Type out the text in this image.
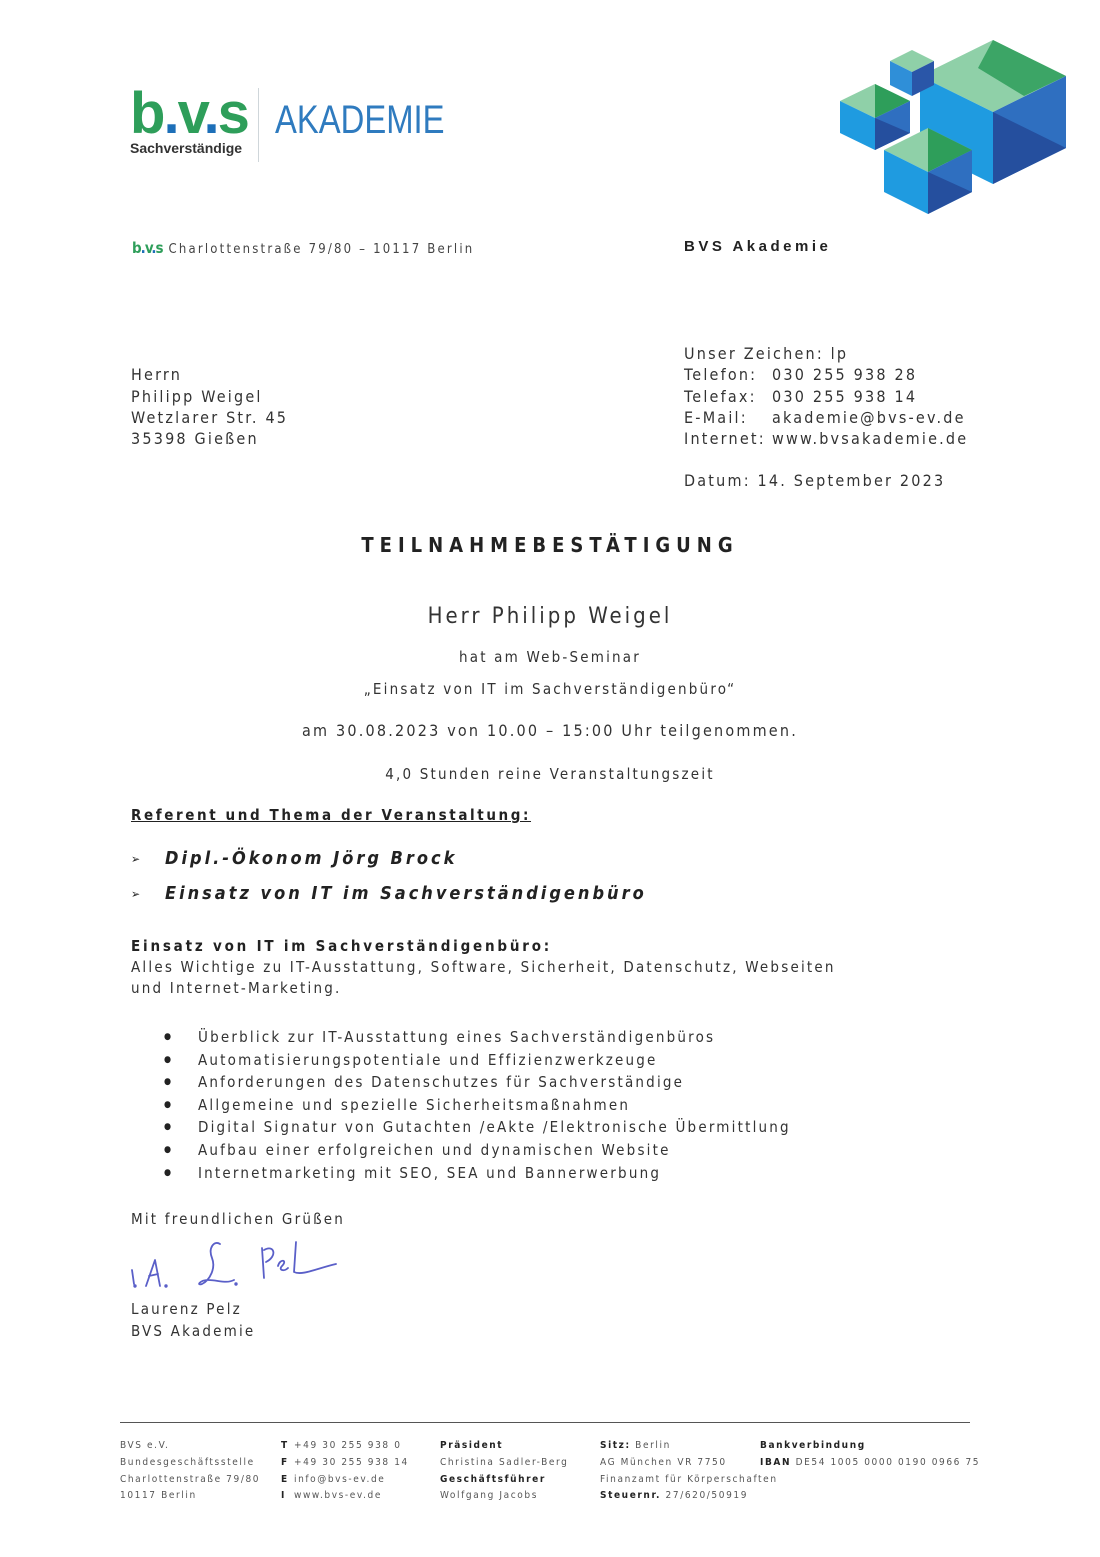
b.v.s
Sachverständige
AKADEMIE
b.v.s Charlottenstraße 79/80 – 10117 Berlin	BVS Akademie
Herrn
Philipp Weigel
Wetzlarer Str. 45
35398 Gießen
Unser Zeichen: lp
Telefon: 030 255 938 28
Telefax: 030 255 938 14
E-Mail: akademie@bvs-ev.de
Internet: www.bvsakademie.de
Datum: 14. September 2023
TEILNAHMEBESTÄTIGUNG
Herr Philipp Weigel
hat am Web-Seminar
„Einsatz von IT im Sachverständigenbüro“
am 30.08.2023 von 10.00 – 15:00 Uhr teilgenommen.
4,0 Stunden reine Veranstaltungszeit
Referent und Thema der Veranstaltung:
➢ Dipl.-Ökonom Jörg Brock
➢ Einsatz von IT im Sachverständigenbüro
Einsatz von IT im Sachverständigenbüro:
Alles Wichtige zu IT-Ausstattung, Software, Sicherheit, Datenschutz, Webseiten
und Internet-Marketing.
● Überblick zur IT-Ausstattung eines Sachverständigenbüros
● Automatisierungspotentiale und Effizienzwerkzeuge
● Anforderungen des Datenschutzes für Sachverständige
● Allgemeine und spezielle Sicherheitsmaßnahmen
● Digital Signatur von Gutachten /eAkte /Elektronische Übermittlung
● Aufbau einer erfolgreichen und dynamischen Website
● Internetmarketing mit SEO, SEA und Bannerwerbung
Mit freundlichen Grüßen
Laurenz Pelz
BVS Akademie
BVS e.V.
Bundesgeschäftsstelle
Charlottenstraße 79/80
10117 Berlin
T +49 30 255 938 0
F +49 30 255 938 14
E info@bvs-ev.de
I www.bvs-ev.de
Präsident
Christina Sadler-Berg
Geschäftsführer
Wolfgang Jacobs
Sitz: Berlin
AG München VR 7750
Finanzamt für Körperschaften
Steuernr. 27/620/50919
Bankverbindung
IBAN DE54 1005 0000 0190 0966 75
